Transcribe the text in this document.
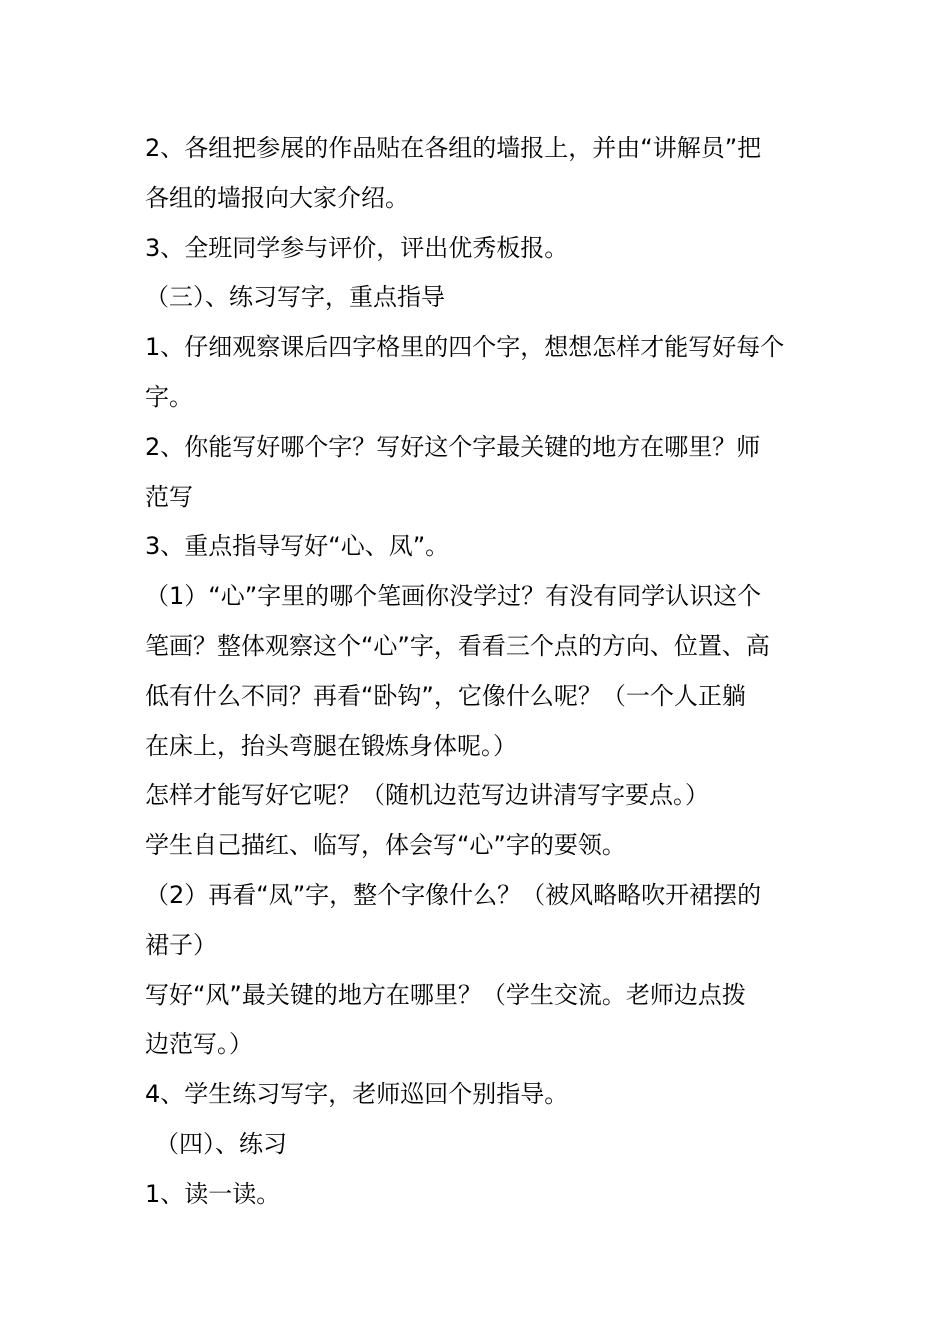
2、各组把参展的作品贴在各组的墙报上，并由“讲解员”把
各组的墙报向大家介绍。
3、全班同学参与评价，评出优秀板报。
（三）、练习写字，重点指导
1、仔细观察课后四字格里的四个字，想想怎样才能写好每个
字。
2、你能写好哪个字？写好这个字最关键的地方在哪里？师
范写
3、重点指导写好“心、凤”。
（1）“心”字里的哪个笔画你没学过？有没有同学认识这个
笔画？整体观察这个“心”字，看看三个点的方向、位置、高
低有什么不同？再看“卧钩”，它像什么呢？（一个人正躺
在床上，抬头弯腿在锻炼身体呢。）
怎样才能写好它呢？（随机边范写边讲清写字要点。）
学生自己描红、临写，体会写“心”字的要领。
（2）再看“凤”字，整个字像什么？（被风略略吹开裙摆的
裙子）
写好“风”最关键的地方在哪里？（学生交流。老师边点拨
边范写。）
4、学生练习写字，老师巡回个别指导。
（四）、练习
1、读一读。
